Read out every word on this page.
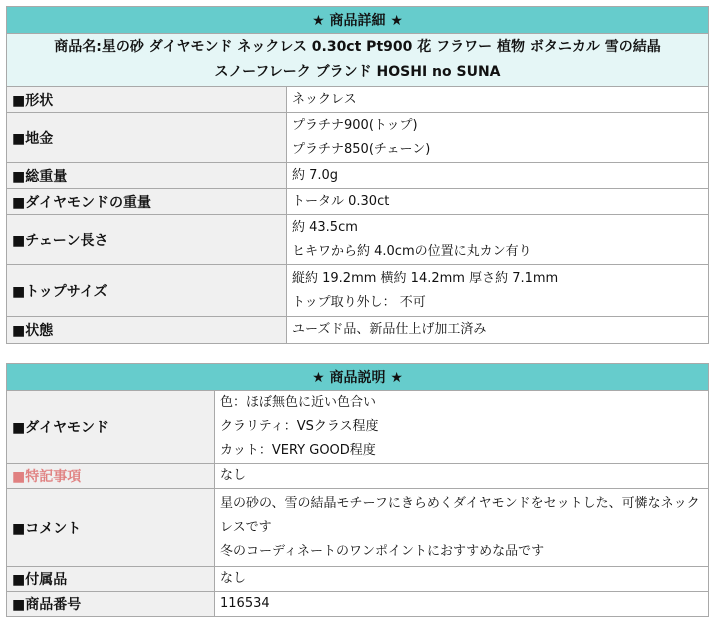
★ 商品詳細 ★	

商品名:星の砂 ダイヤモンド ネックレス 0.30ct Pt900 花 フラワー 植物 ボタニカル 雪の結晶
スノーフレーク ブランド HOSHI no SUNA	

■形状	ネックレス

■地金	プラチナ900(トップ)
プラチナ850(チェーン)

■総重量	約 7.0g

■ダイヤモンドの重量	トータル 0.30ct

■チェーン長さ	約 43.5cm
ヒキワから約 4.0cmの位置に丸カン有り

■トップサイズ	縦約 19.2mm 横約 14.2mm 厚さ約 7.1mm
トップ取り外し： 不可

■状態	ユーズド品、新品仕上げ加工済み
★ 商品説明 ★	
■ダイヤモンド	色：ほぼ無色に近い色合い
クラリティ：VSクラス程度
カット：VERY GOOD程度

■特記事項	なし

■コメント	星の砂の、雪の結晶モチーフにきらめくダイヤモンドをセットした、可憐なネックレスです
冬のコーディネートのワンポイントにおすすめな品です

■付属品	なし

■商品番号	116534
